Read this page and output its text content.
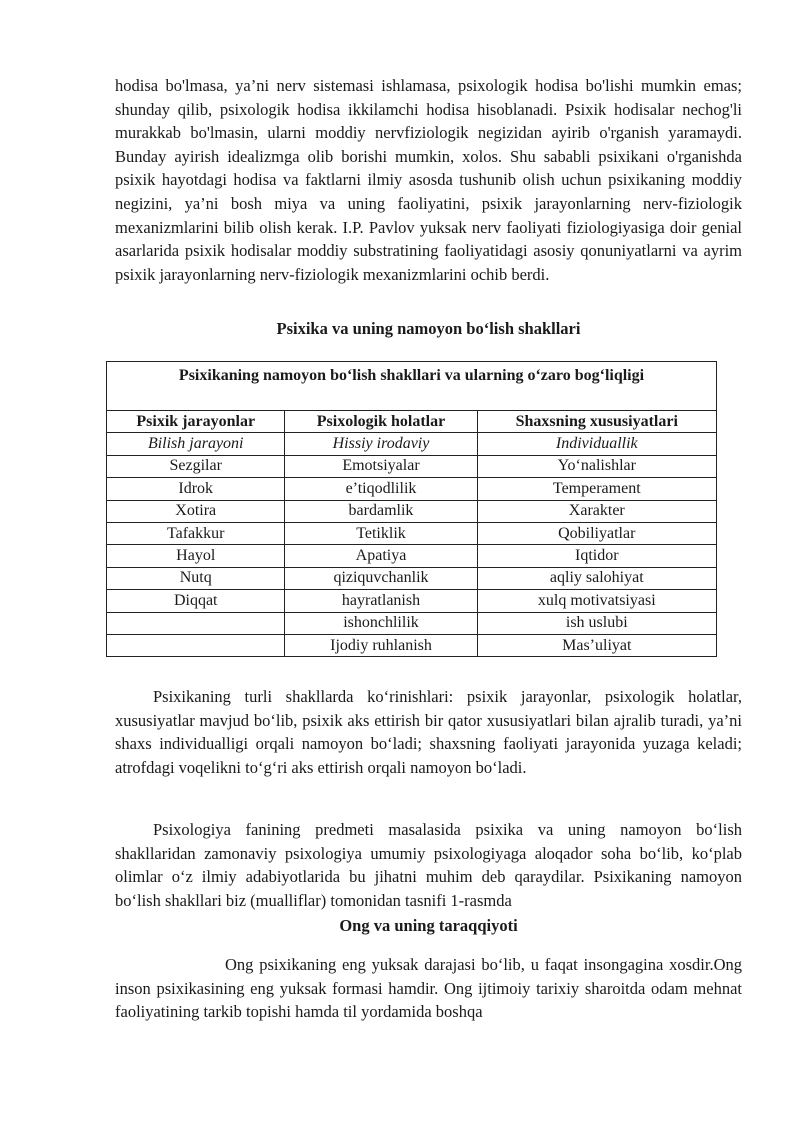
hodisa bo'lmasa, ya’ni nerv sistemasi ishlamasa, psixologik hodisa bo'lishi mumkin emas; shunday qilib, psixologik hodisa ikkilamchi hodisa hisoblanadi. Psixik hodisalar nechog'li murakkab bo'lmasin, ularni moddiy nervfiziologik negizidan ayirib o'rganish yaramaydi. Bunday ayirish idealizmga olib borishi mumkin, xolos. Shu sababli psixikani o'rganishda psixik hayotdagi hodisa va faktlarni ilmiy asosda tushunib olish uchun psixikaning moddiy negizini, ya’ni bosh miya va uning faoliyatini, psixik jarayonlarning nerv-fiziologik mexanizmlarini bilib olish kerak. I.P. Pavlov yuksak nerv faoliyati fiziologiyasiga doir genial asarlarida psixik hodisalar moddiy substratining faoliyatidagi asosiy qonuniyatlarni va ayrim psixik jarayonlarning nerv-fiziologik mexanizmlarini ochib berdi.

Psixika va uning namoyon bo‘lish shakllari

Psixikaning namoyon bo‘lish shakllari va ularning o‘zaro bog‘liqligi		
Psixik jarayonlar	Psixologik holatlar	Shaxsning xususiyatlari
Bilish jarayoni	Hissiy irodaviy	Individuallik
Sezgilar	Emotsiyalar	Yo‘nalishlar
Idrok	e’tiqodlilik	Temperament
Xotira	bardamlik	Xarakter
Tafakkur	Tetiklik	Qobiliyatlar
Hayol	Apatiya	Iqtidor
Nutq	qiziquvchanlik	aqliy salohiyat
Diqqat	hayratlanish	xulq motivatsiyasi
	ishonchlilik	ish uslubi
	Ijodiy ruhlanish	Mas’uliyat

Psixikaning turli shakllarda ko‘rinishlari: psixik jarayonlar, psixologik holatlar, xususiyatlar mavjud bo‘lib, psixik aks ettirish bir qator xususiyatlari bilan ajralib turadi, ya’ni shaxs individualligi orqali namoyon bo‘ladi; shaxsning faoliyati jarayonida yuzaga keladi; atrofdagi voqelikni to‘g‘ri aks ettirish orqali namoyon bo‘ladi.

Psixologiya fanining predmeti masalasida psixika va uning namoyon bo‘lish shakllaridan zamonaviy psixologiya umumiy psixologiyaga aloqador soha bo‘lib, ko‘plab olimlar o‘z ilmiy adabiyotlarida bu jihatni muhim deb qaraydilar. Psixikaning namoyon bo‘lish shakllari biz (mualliflar) tomonidan tasnifi 1-rasmda

Ong va uning taraqqiyoti

Ong psixikaning eng yuksak darajasi bo‘lib, u faqat insongagina xosdir.Ong inson psixikasining eng yuksak formasi hamdir. Ong ijtimoiy tarixiy sharoitda odam mehnat faoliyatining tarkib topishi hamda til yordamida boshqa
